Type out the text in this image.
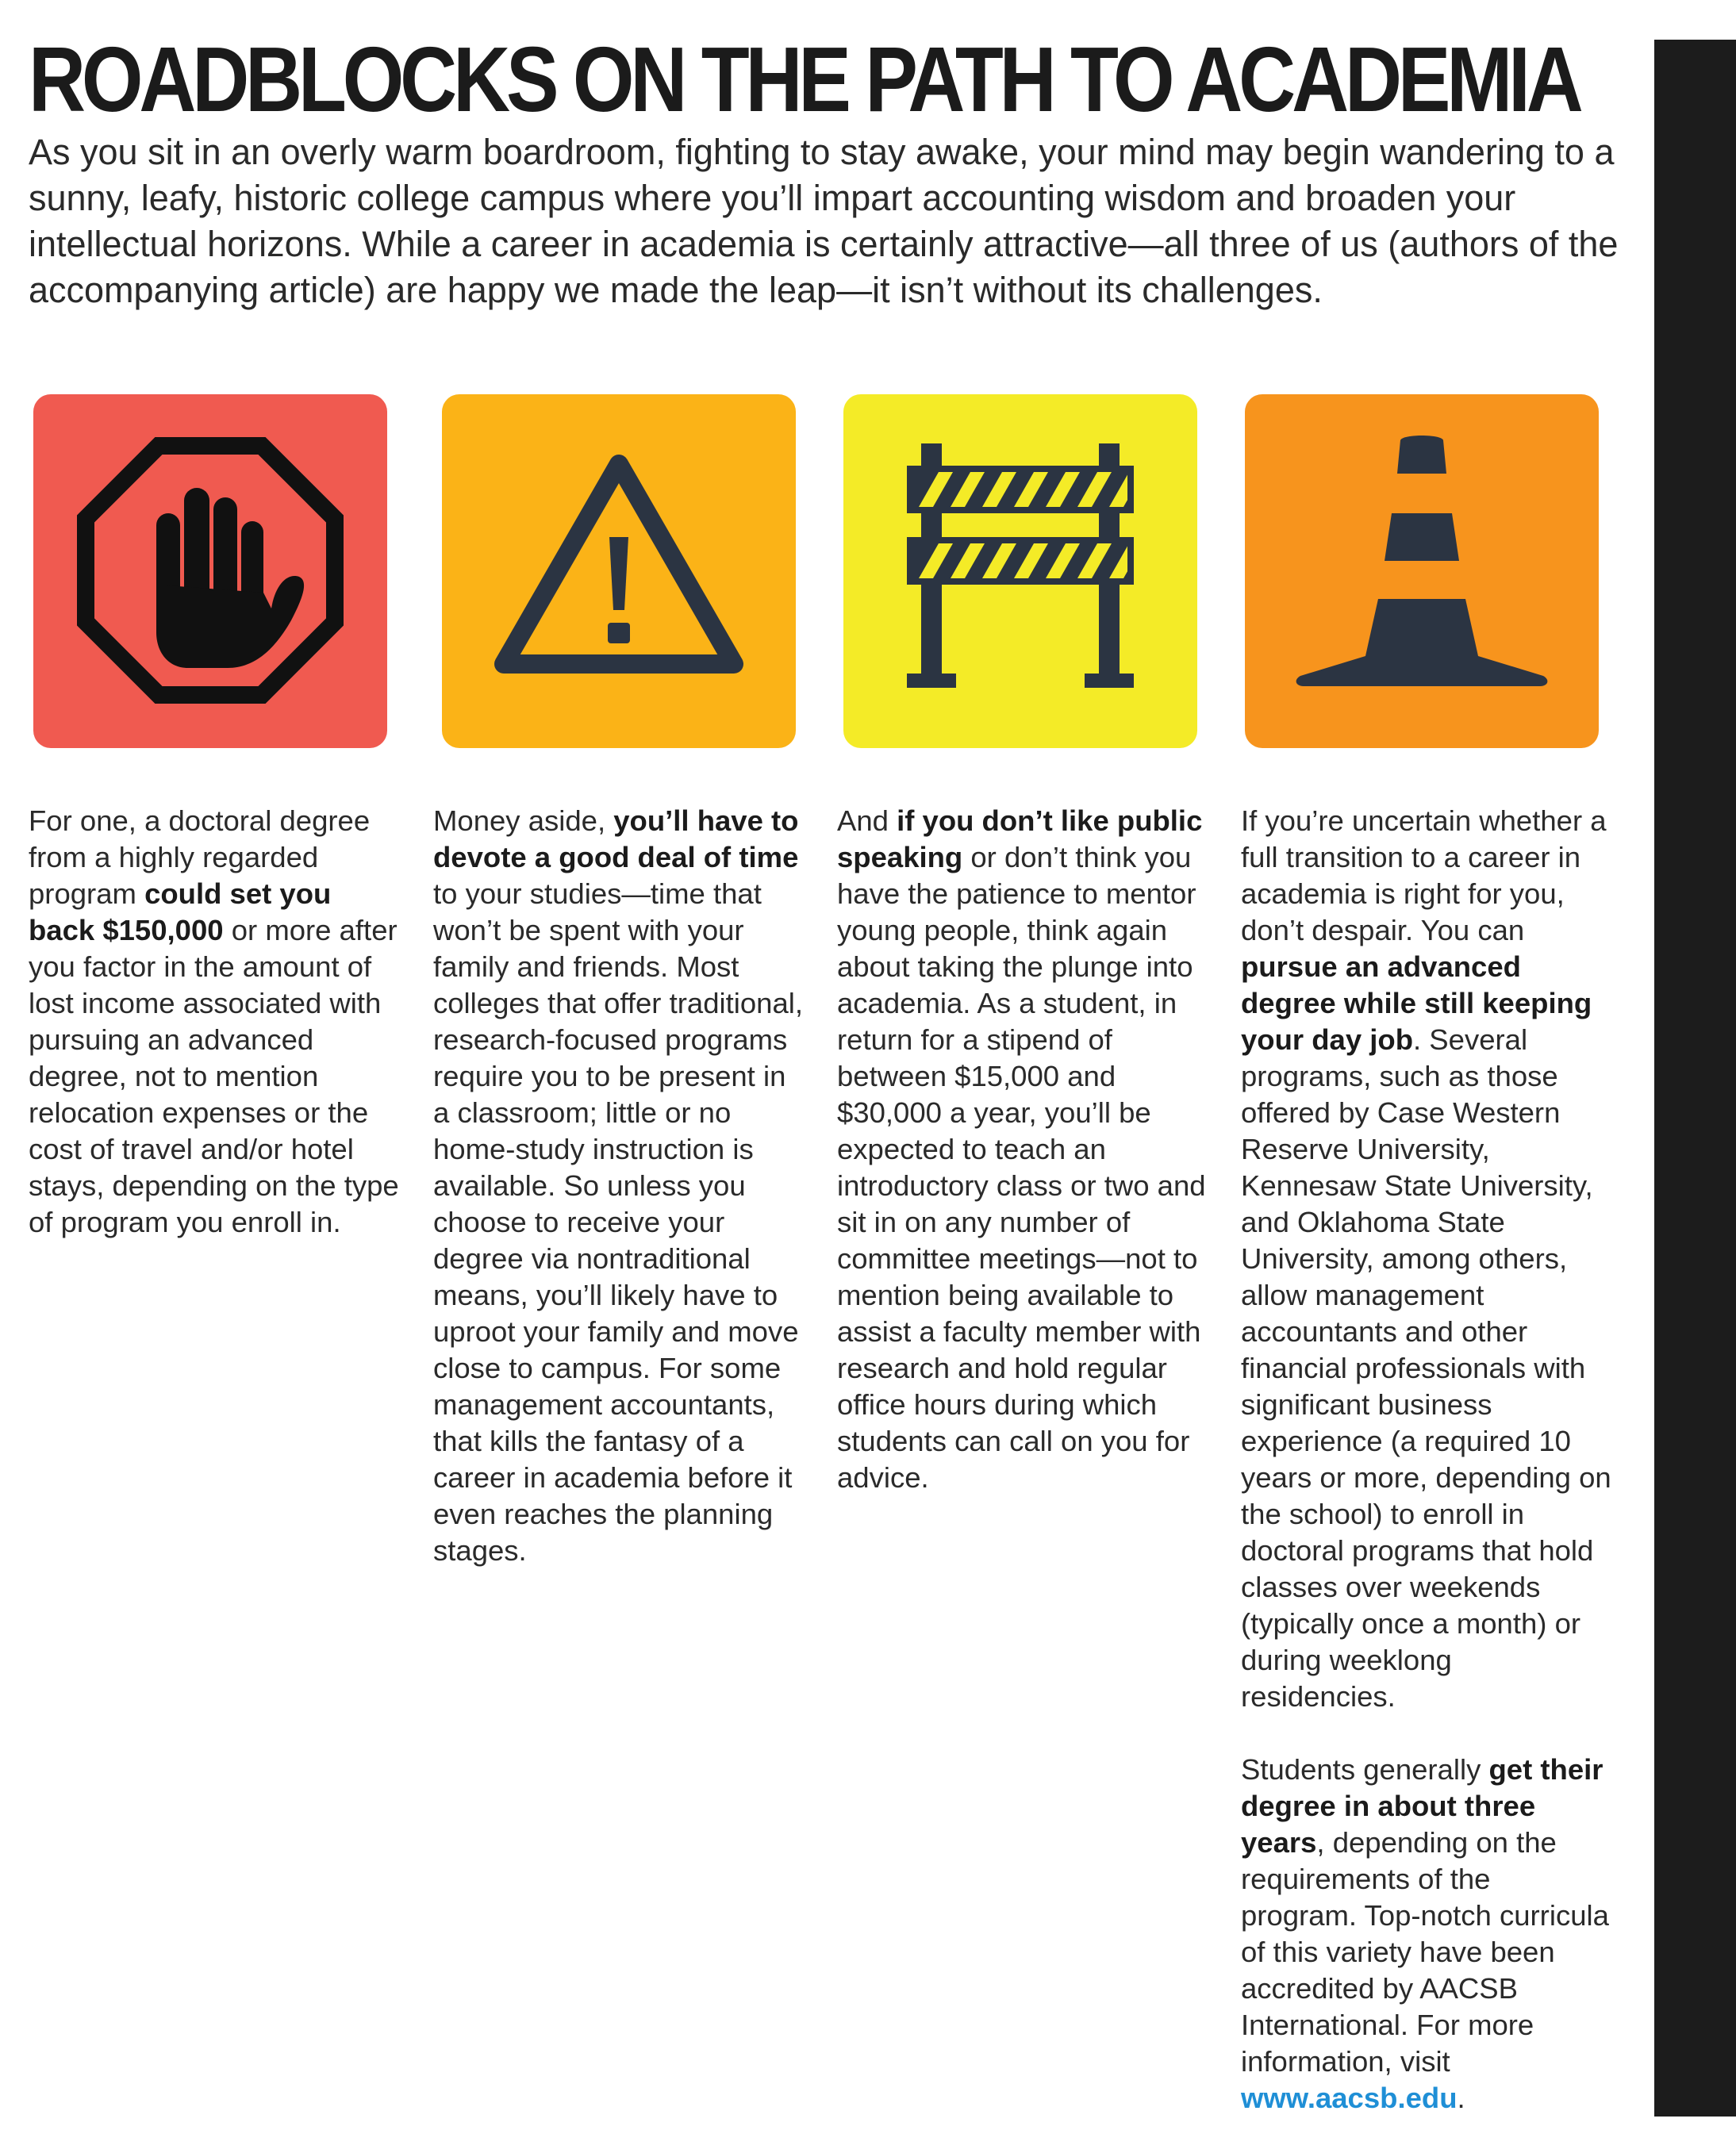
ROADBLOCKS ON THE PATH TO ACADEMIA

As you sit in an overly warm boardroom, fighting to stay awake, your mind may begin wandering to a sunny, leafy, historic college campus where you’ll impart accounting wisdom and broaden your intellectual horizons. While a career in academia is certainly attractive—all three of us (authors of the accompanying article) are happy we made the leap—it isn’t without its challenges.

For one, a doctoral degree from a highly regarded program could set you back $150,000 or more after you factor in the amount of lost income associated with pursuing an advanced degree, not to mention relocation expenses or the cost of travel and/or hotel stays, depending on the type of program you enroll in.

Money aside, you’ll have to devote a good deal of time to your studies—time that won’t be spent with your family and friends. Most colleges that offer traditional, research-focused programs require you to be present in a classroom; little or no home-study instruction is available. So unless you choose to receive your degree via nontraditional means, you’ll likely have to uproot your family and move close to campus. For some management accountants, that kills the fantasy of a career in academia before it even reaches the planning stages.

And if you don’t like public speaking or don’t think you have the patience to mentor young people, think again about taking the plunge into academia. As a student, in return for a stipend of between $15,000 and $30,000 a year, you’ll be expected to teach an introductory class or two and sit in on any number of committee meetings—not to mention being available to assist a faculty member with research and hold regular office hours during which students can call on you for advice.

If you’re uncertain whether a full transition to a career in academia is right for you, don’t despair. You can pursue an advanced degree while still keeping your day job. Several programs, such as those offered by Case Western Reserve University, Kennesaw State University, and Oklahoma State University, among others, allow management accountants and other financial professionals with significant business experience (a required 10 years or more, depending on the school) to enroll in doctoral programs that hold classes over weekends (typically once a month) or during weeklong residencies.

Students generally get their degree in about three years, depending on the requirements of the program. Top-notch curricula of this variety have been accredited by AACSB International. For more information, visit www.aacsb.edu.
